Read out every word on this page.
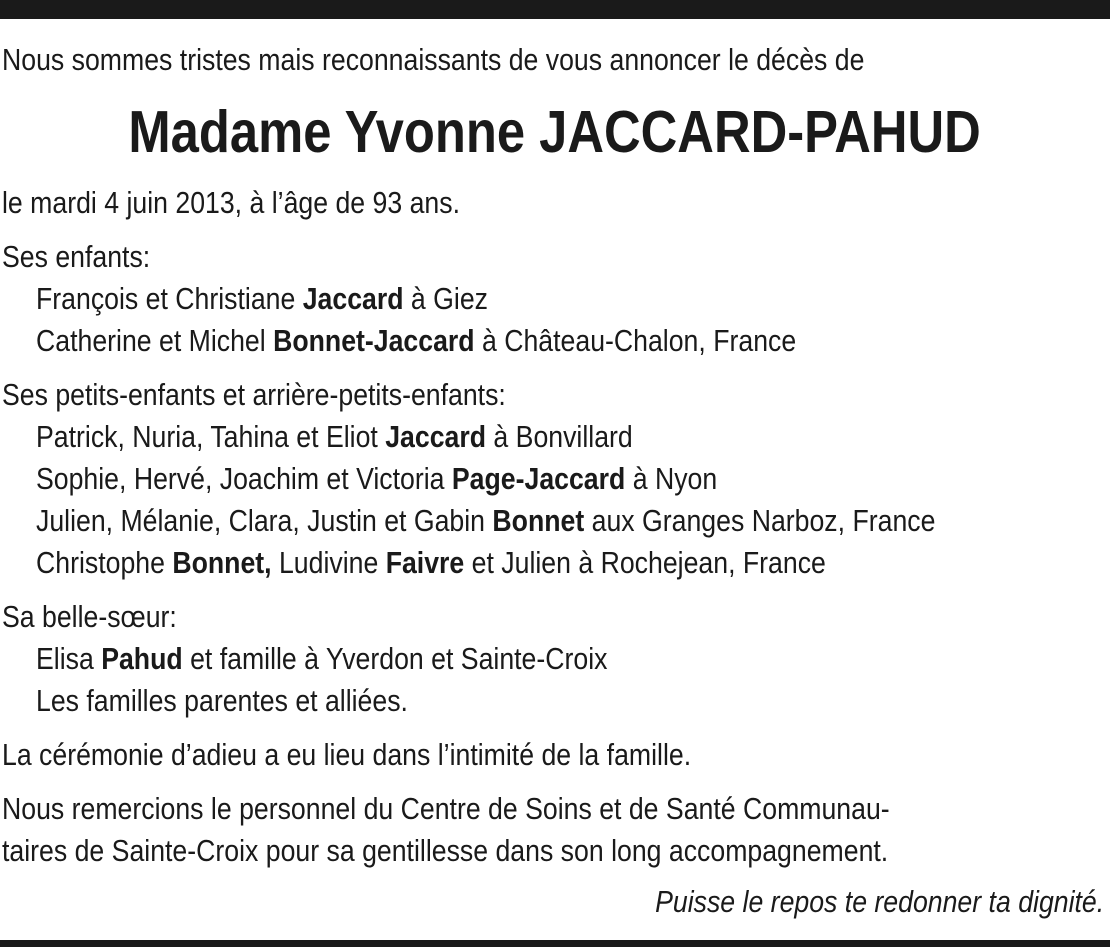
Nous sommes tristes mais reconnaissants de vous annoncer le décès de
Madame Yvonne JACCARD-PAHUD
le mardi 4 juin 2013, à l’âge de 93 ans.
Ses enfants:
François et Christiane Jaccard à Giez
Catherine et Michel Bonnet-Jaccard à Château-Chalon, France
Ses petits-enfants et arrière-petits-enfants:
Patrick, Nuria, Tahina et Eliot Jaccard à Bonvillard
Sophie, Hervé, Joachim et Victoria Page-Jaccard à Nyon
Julien, Mélanie, Clara, Justin et Gabin Bonnet aux Granges Narboz, France
Christophe Bonnet, Ludivine Faivre et Julien à Rochejean, France
Sa belle-sœur:
Elisa Pahud et famille à Yverdon et Sainte-Croix
Les familles parentes et alliées.
La cérémonie d’adieu a eu lieu dans l’intimité de la famille.
Nous remercions le personnel du Centre de Soins et de Santé Communau-
taires de Sainte-Croix pour sa gentillesse dans son long accompagnement.
Puisse le repos te redonner ta dignité.
